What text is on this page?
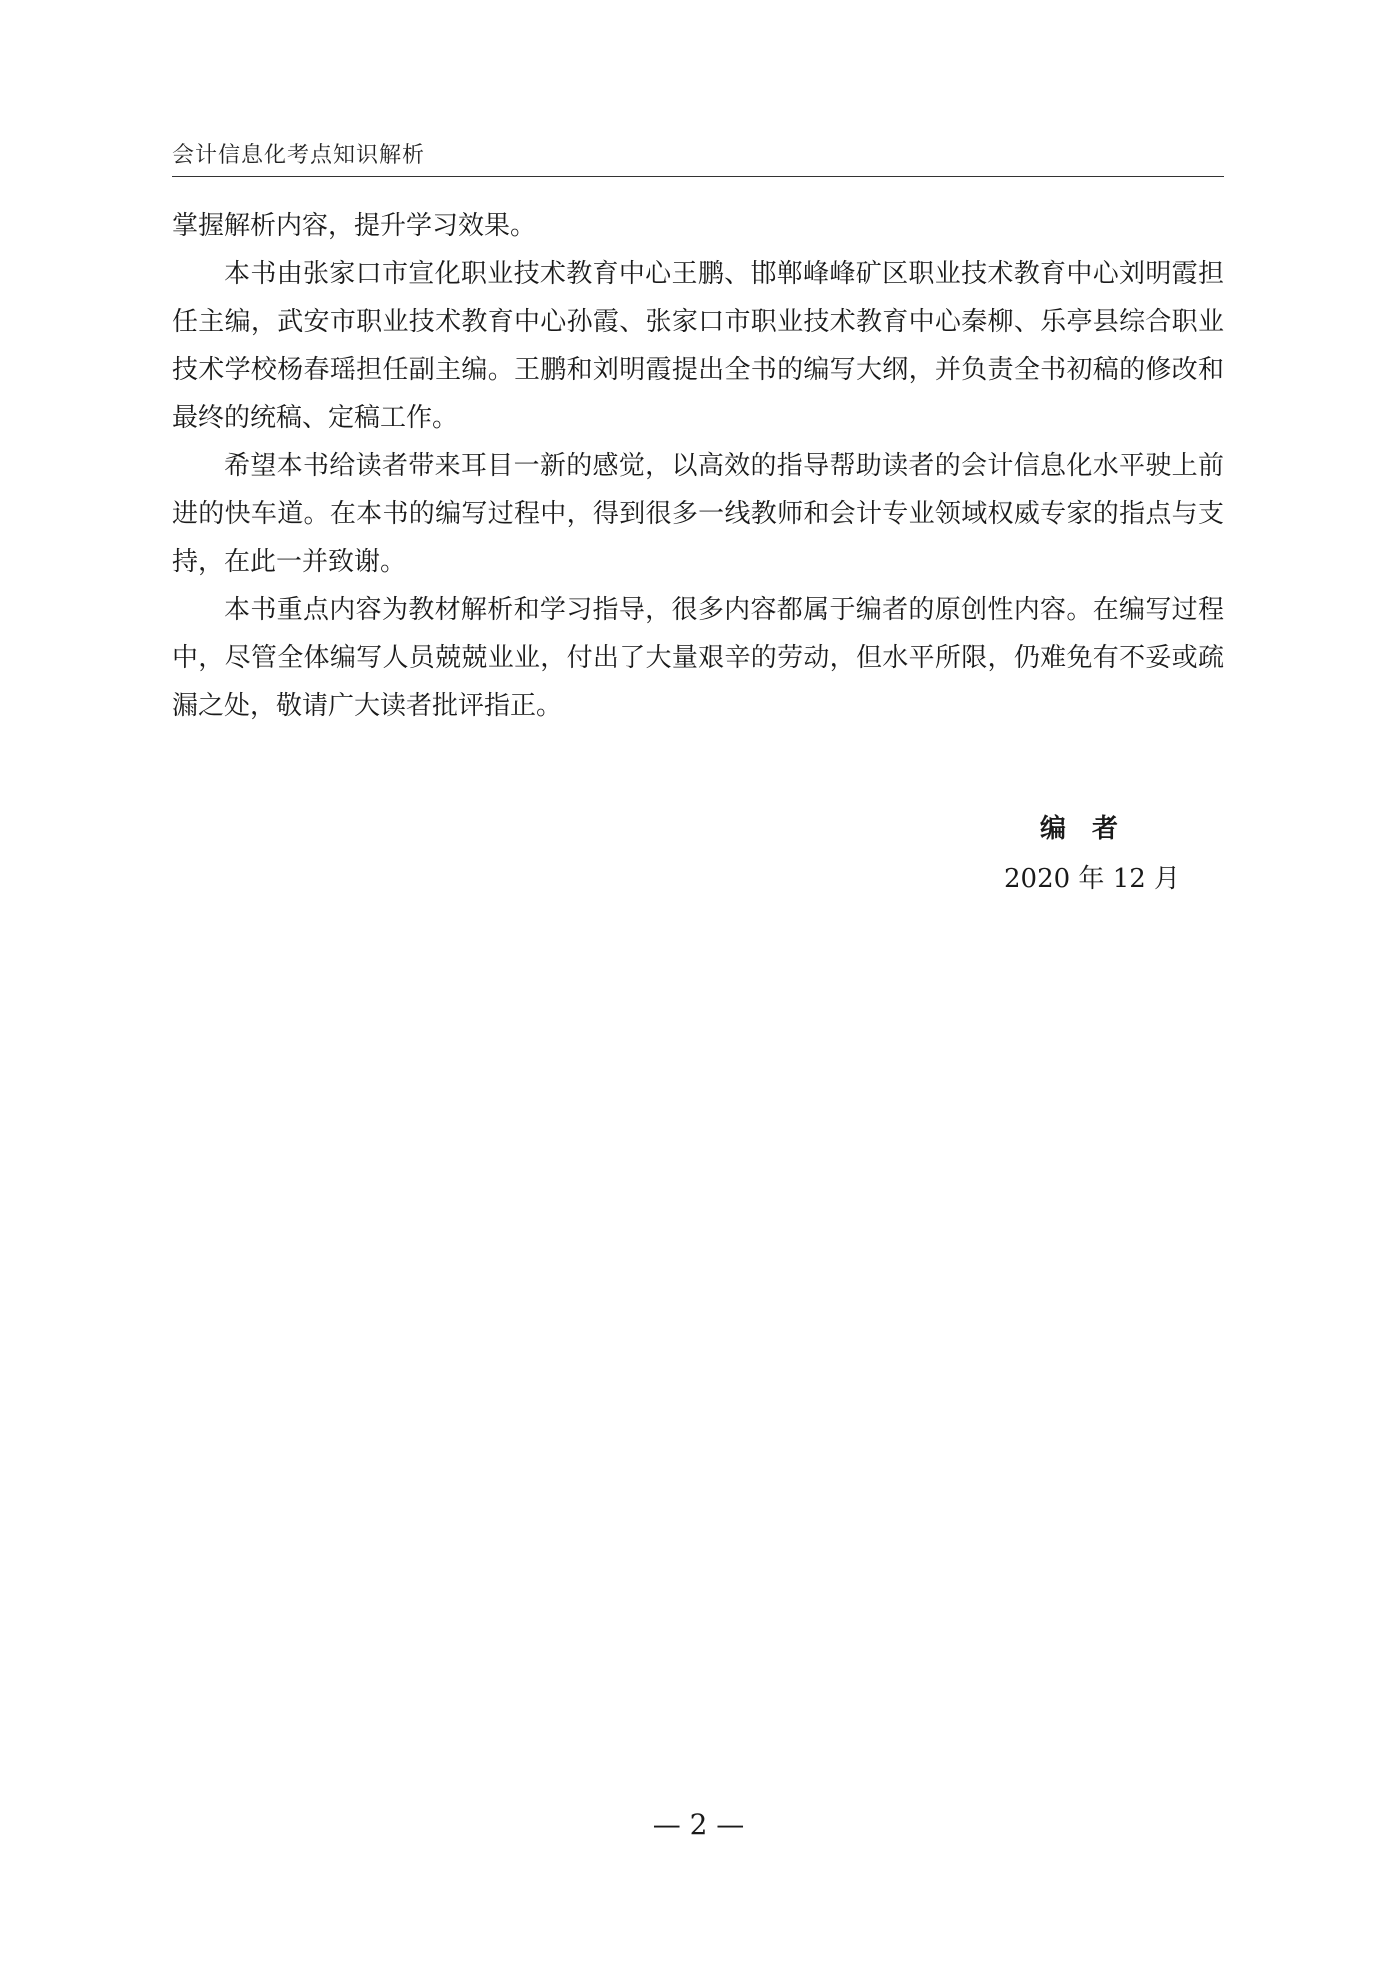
会计信息化考点知识解析

掌握解析内容，提升学习效果。

本书由张家口市宣化职业技术教育中心王鹏、邯郸峰峰矿区职业技术教育中心刘明霞担任主编，武安市职业技术教育中心孙霞、张家口市职业技术教育中心秦柳、乐亭县综合职业技术学校杨春瑶担任副主编。王鹏和刘明霞提出全书的编写大纲，并负责全书初稿的修改和最终的统稿、定稿工作。

希望本书给读者带来耳目一新的感觉，以高效的指导帮助读者的会计信息化水平驶上前进的快车道。在本书的编写过程中，得到很多一线教师和会计专业领域权威专家的指点与支持，在此一并致谢。

本书重点内容为教材解析和学习指导，很多内容都属于编者的原创性内容。在编写过程中，尽管全体编写人员兢兢业业，付出了大量艰辛的劳动，但水平所限，仍难免有不妥或疏漏之处，敬请广大读者批评指正。

编者
2020 年 12 月
— 2 —
